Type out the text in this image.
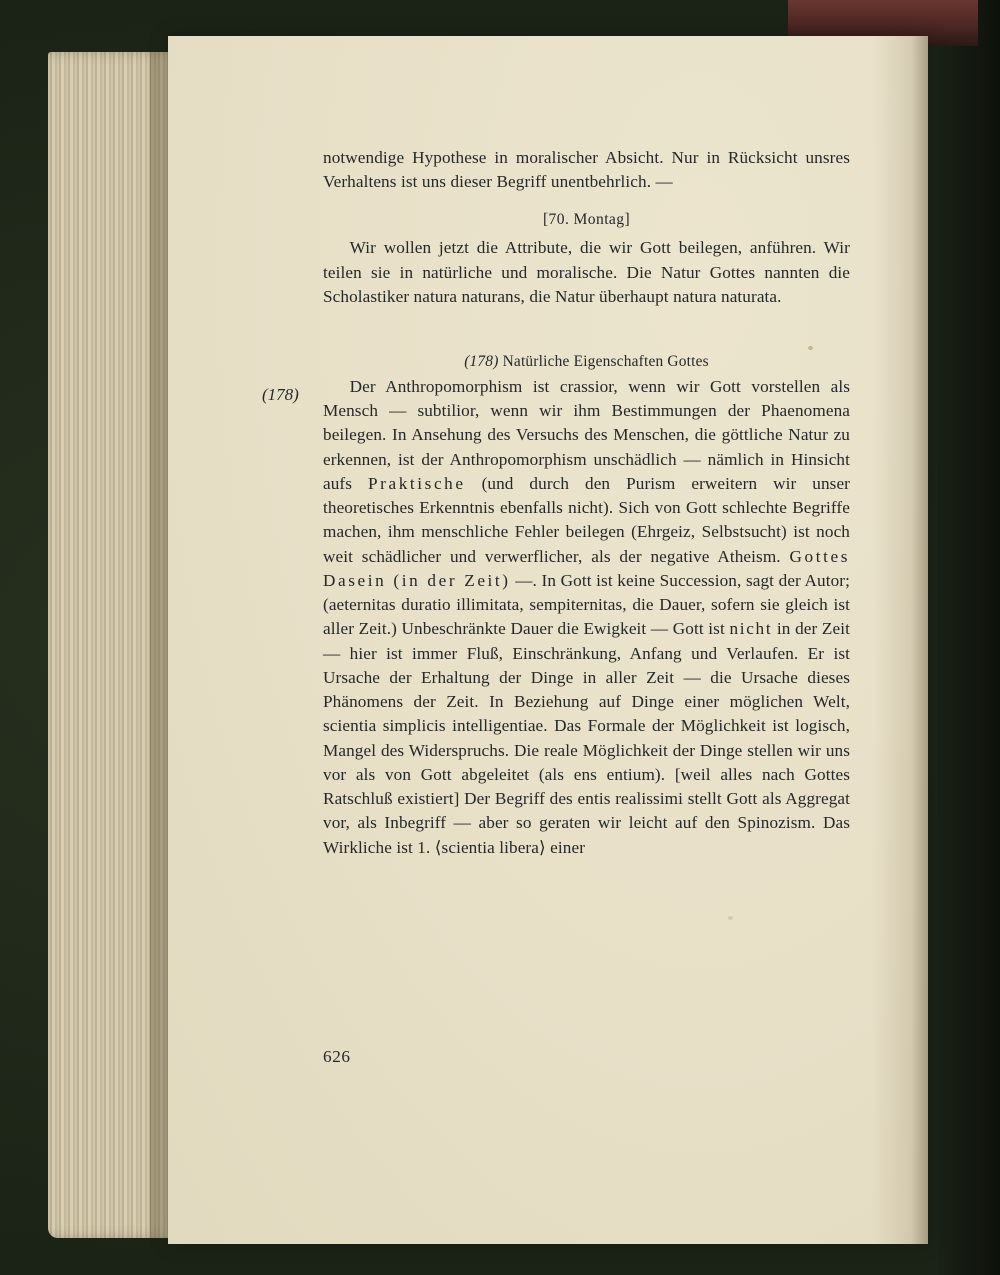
(178)

notwendige Hypothese in moralischer Absicht. Nur in Rücksicht unsres Verhaltens ist uns dieser Begriff unentbehrlich. —

[70. Montag]

Wir wollen jetzt die Attribute, die wir Gott beilegen, anführen. Wir teilen sie in natürliche und moralische. Die Natur Gottes nannten die Scholastiker natura naturans, die Natur überhaupt natura naturata.

(178) Natürliche Eigenschaften Gottes

Der Anthropomorphism ist crassior, wenn wir Gott vorstellen als Mensch — subtilior, wenn wir ihm Bestimmungen der Phaenomena beilegen. In Ansehung des Versuchs des Menschen, die göttliche Natur zu erkennen, ist der Anthropomorphism unschädlich — nämlich in Hinsicht aufs Praktische (und durch den Purism erweitern wir unser theoretisches Erkenntnis ebenfalls nicht). Sich von Gott schlechte Begriffe machen, ihm menschliche Fehler beilegen (Ehrgeiz, Selbstsucht) ist noch weit schädlicher und verwerflicher, als der negative Atheism. Gottes Dasein (in der Zeit) —. In Gott ist keine Succession, sagt der Autor; (aeternitas duratio illimitata, sempiternitas, die Dauer, sofern sie gleich ist aller Zeit.) Unbeschränkte Dauer die Ewigkeit — Gott ist nicht in der Zeit — hier ist immer Fluß, Einschränkung, Anfang und Verlaufen. Er ist Ursache der Erhaltung der Dinge in aller Zeit — die Ursache dieses Phänomens der Zeit. In Beziehung auf Dinge einer möglichen Welt, scientia simplicis intelligentiae. Das Formale der Möglichkeit ist logisch, Mangel des Widerspruchs. Die reale Möglichkeit der Dinge stellen wir uns vor als von Gott abgeleitet (als ens entium). [weil alles nach Gottes Ratschluß existiert] Der Begriff des entis realissimi stellt Gott als Aggregat vor, als Inbegriff — aber so geraten wir leicht auf den Spinozism. Das Wirkliche ist 1. ⟨scientia libera⟩ einer

626
